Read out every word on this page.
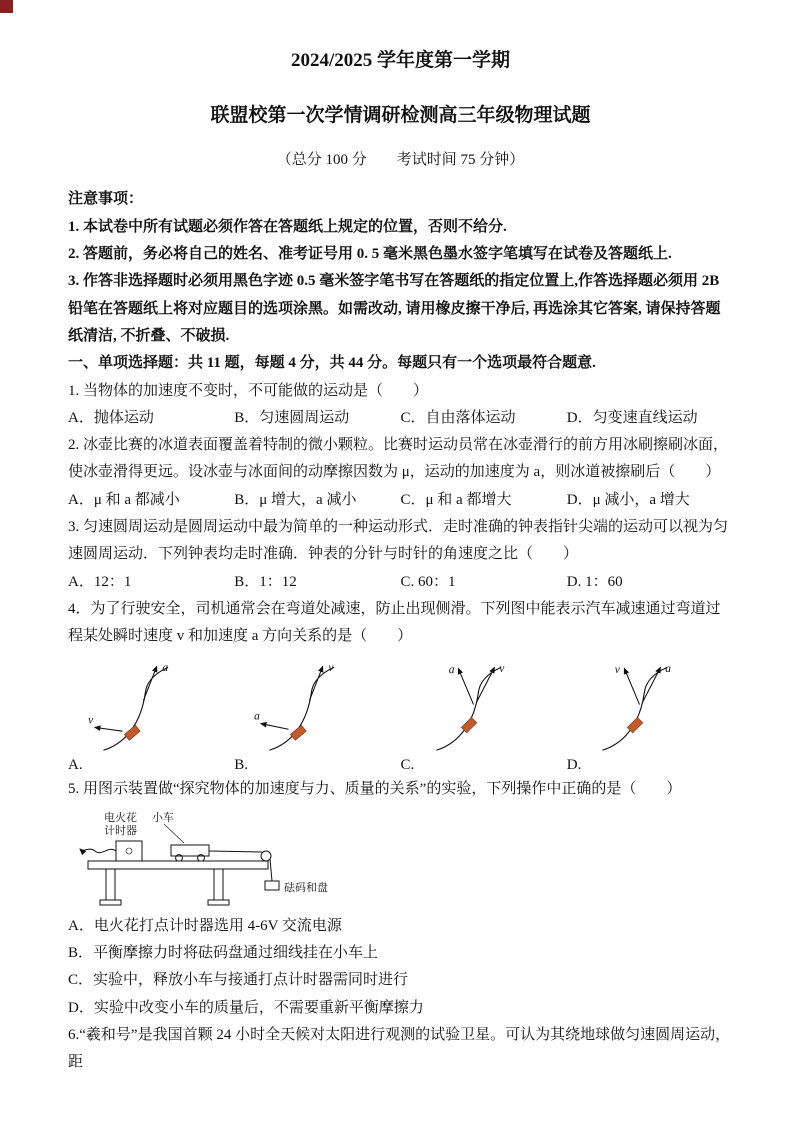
2024/2025 学年度第一学期
联盟校第一次学情调研检测高三年级物理试题
（总分 100 分　　考试时间 75 分钟）

注意事项：

1. 本试卷中所有试题必须作答在答题纸上规定的位置，否则不给分.

2. 答题前，务必将自己的姓名、准考证号用 0. 5 毫米黑色墨水签字笔填写在试卷及答题纸上.

3. 作答非选择题时必须用黑色字迹 0.5 毫米签字笔书写在答题纸的指定位置上,作答选择题必须用 2B 铅笔在答题纸上将对应题目的选项涂黑。如需改动, 请用橡皮擦干净后, 再选涂其它答案, 请保持答题纸清洁, 不折叠、不破损.

一、单项选择题：共 11 题，每题 4 分，共 44 分。每题只有一个选项最符合题意.

1. 当物体的加速度不变时，不可能做的运动是（　　）

A．抛体运动	B．匀速圆周运动	C．自由落体运动	D．匀变速直线运动

2. 冰壶比赛的冰道表面覆盖着特制的微小颗粒。比赛时运动员常在冰壶滑行的前方用冰刷擦刷冰面，使冰壶滑得更远。设冰壶与冰面间的动摩擦因数为 μ，运动的加速度为 a，则冰道被擦刷后（　　）

A．μ 和 a 都减小	B．μ 增大，a 减小	C．μ 和 a 都增大	D．μ 减小，a 增大

3. 匀速圆周运动是圆周运动中最为简单的一种运动形式．走时准确的钟表指针尖端的运动可以视为匀速圆周运动．下列钟表均走时准确．钟表的分针与时针的角速度之比（　　）

A．12：1	B．1：12	C. 60：1	D. 1：60

4．为了行驶安全，司机通常会在弯道处减速，防止出现侧滑。下列图中能表示汽车减速通过弯道过程某处瞬时速度 v 和加速度 a 方向关系的是（　　）

v
a
A.
a
v
B.
a	v
C.
v	a
D.

5. 用图示装置做“探究物体的加速度与力、质量的关系”的实验，下列操作中正确的是（　　）

电火花
计时器
小车
砝码和盘

A．电火花打点计时器选用 4-6V 交流电源

B．平衡摩擦力时将砝码盘通过细线挂在小车上

C．实验中，释放小车与接通打点计时器需同时进行

D．实验中改变小车的质量后，不需要重新平衡摩擦力

6.“羲和号”是我国首颗 24 小时全天候对太阳进行观测的试验卫星。可认为其绕地球做匀速圆周运动，距
